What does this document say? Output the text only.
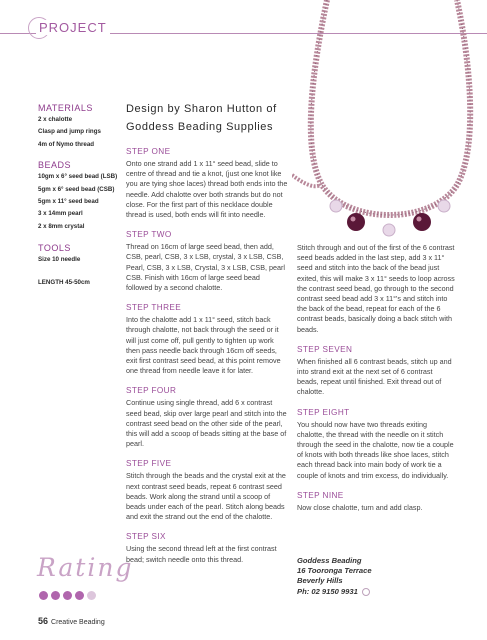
PROJECT
MATERIALS
2 x chalotte
Clasp and jump rings
4m of Nymo thread
BEADS
10gm x 6° seed bead (LSB)
5gm x 6° seed bead (CSB)
5gm x 11° seed bead
3 x 14mm pearl
2 x 8mm crystal
TOOLS
Size 10 needle
LENGTH 45-50cm
Design by Sharon Hutton of
Goddess Beading Supplies
STEP ONE

Onto one strand add 1 x 11° seed bead, slide to centre of thread and tie a knot, (just one knot like you are tying shoe laces) thread both ends into the needle. Add chalotte over both strands but do not close. For the first part of this necklace double thread is used, both ends will fit into needle.

STEP TWO

Thread on 16cm of large seed bead, then add, CSB, pearl, CSB, 3 x LSB, crystal, 3 x LSB, CSB, Pearl, CSB, 3 x LSB, Crystal, 3 x LSB, CSB, pearl CSB. Finish with 16cm of large seed bead followed by a second chalotte.

STEP THREE

Into the chalotte add 1 x 11° seed, stitch back through chalotte, not back through the seed or it will just come off, pull gently to tighten up work then pass needle back through 16cm off seeds, exit first contrast seed bead, at this point remove one thread from needle leave it for later.

STEP FOUR

Continue using single thread, add 6 x contrast seed bead, skip over large pearl and stitch into the contrast seed bead on the other side of the pearl, this will add a scoop of beads sitting at the base of pearl.

STEP FIVE

Stitch through the beads and the crystal exit at the next contrast seed beads, repeat 6 contrast seed beads. Work along the strand until a scoop of beads under each of the pearl. Stitch along beads and exit the strand out the end of the chalotte.

STEP SIX

Using the second thread left at the first contrast bead; switch needle onto this thread.

Stitch through and out of the first of the 6 contrast seed beads added in the last step, add 3 x 11° seed and stitch into the back of the bead just exited, this will make 3 x 11° seeds to loop across the contrast seed bead, go through to the second contrast seed bead add 3 x 11°'s and stitch into the back of the bead, repeat for each of the 6 contrast beads, basically doing a back stitch with beads.

STEP SEVEN

When finished all 6 contrast beads, stitch up and into strand exit at the next set of 6 contrast beads, repeat until finished. Exit thread out of chalotte.

STEP EIGHT

You should now have two threads exiting chalotte, the thread with the needle on it stitch through the seed in the chalotte, now tie a couple of knots with both threads like shoe laces, stitch each thread back into main body of work tie a couple of knots and trim excess, do individually.

STEP NINE

Now close chalotte, turn and add clasp.

Goddess Beading
16 Tooronga Terrace
Beverly Hills
Ph: 02 9150 9931
Rating
56 Creative Beading
